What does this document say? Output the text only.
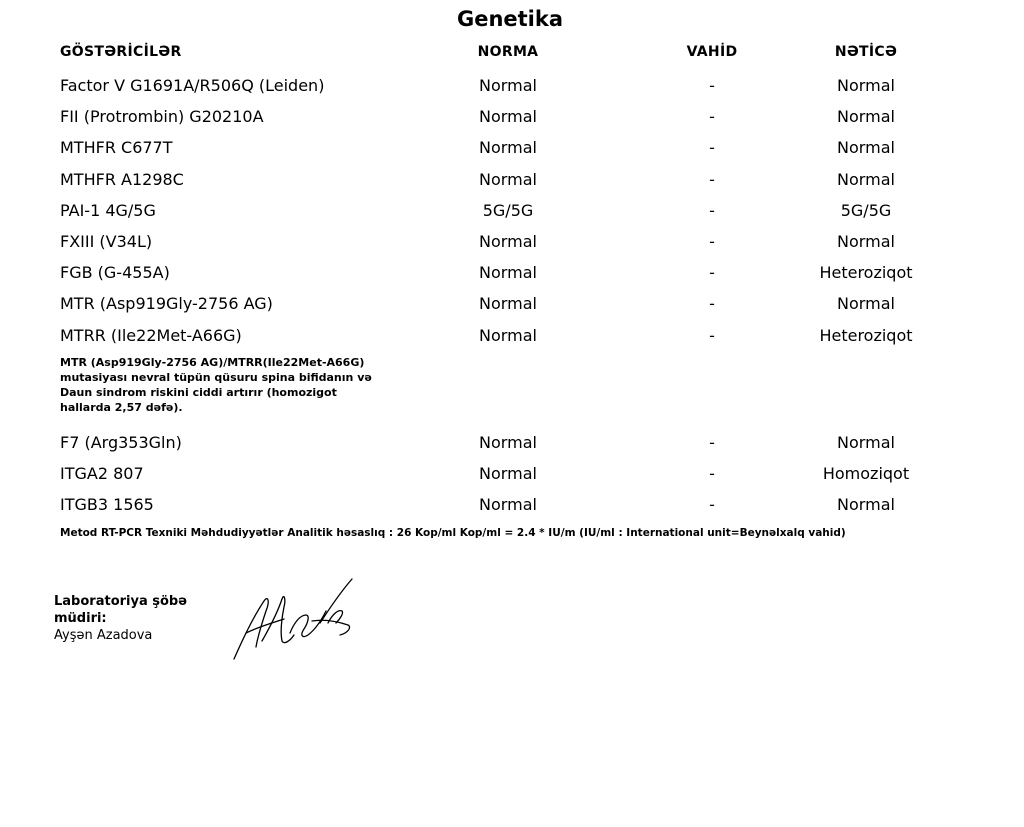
Genetika
GÖSTƏRİCİLƏR	NORMA	VAHİD	NƏTİCƏ
Factor V G1691A/R506Q (Leiden)	Normal	-	Normal
FII (Protrombin) G20210A	Normal	-	Normal
MTHFR C677T	Normal	-	Normal
MTHFR A1298C	Normal	-	Normal
PAI-1 4G/5G	5G/5G	-	5G/5G
FXIII (V34L)	Normal	-	Normal
FGB (G-455A)	Normal	-	Heteroziqot
MTR (Asp919Gly-2756 AG)	Normal	-	Normal
MTRR (Ile22Met-A66G)	Normal	-	Heteroziqot
F7 (Arg353Gln)	Normal	-	Normal
ITGA2 807	Normal	-	Homoziqot
ITGB3 1565	Normal	-	Normal
MTR (Asp919Gly-2756 AG)/MTRR(Ile22Met-A66G) mutasiyası nevral tüpün qüsuru spina bifidanın və Daun sindrom riskini ciddi artırır (homozigot hallarda 2,57 dəfə).
Metod RT-PCR Texniki Məhdudiyyətlər Analitik həsaslıq : 26 Kop/ml Kop/ml = 2.4 * IU/m (IU/ml : International unit=Beynəlxalq vahid)
Laboratoriya şöbə müdiri:
Ayşən Azadova
